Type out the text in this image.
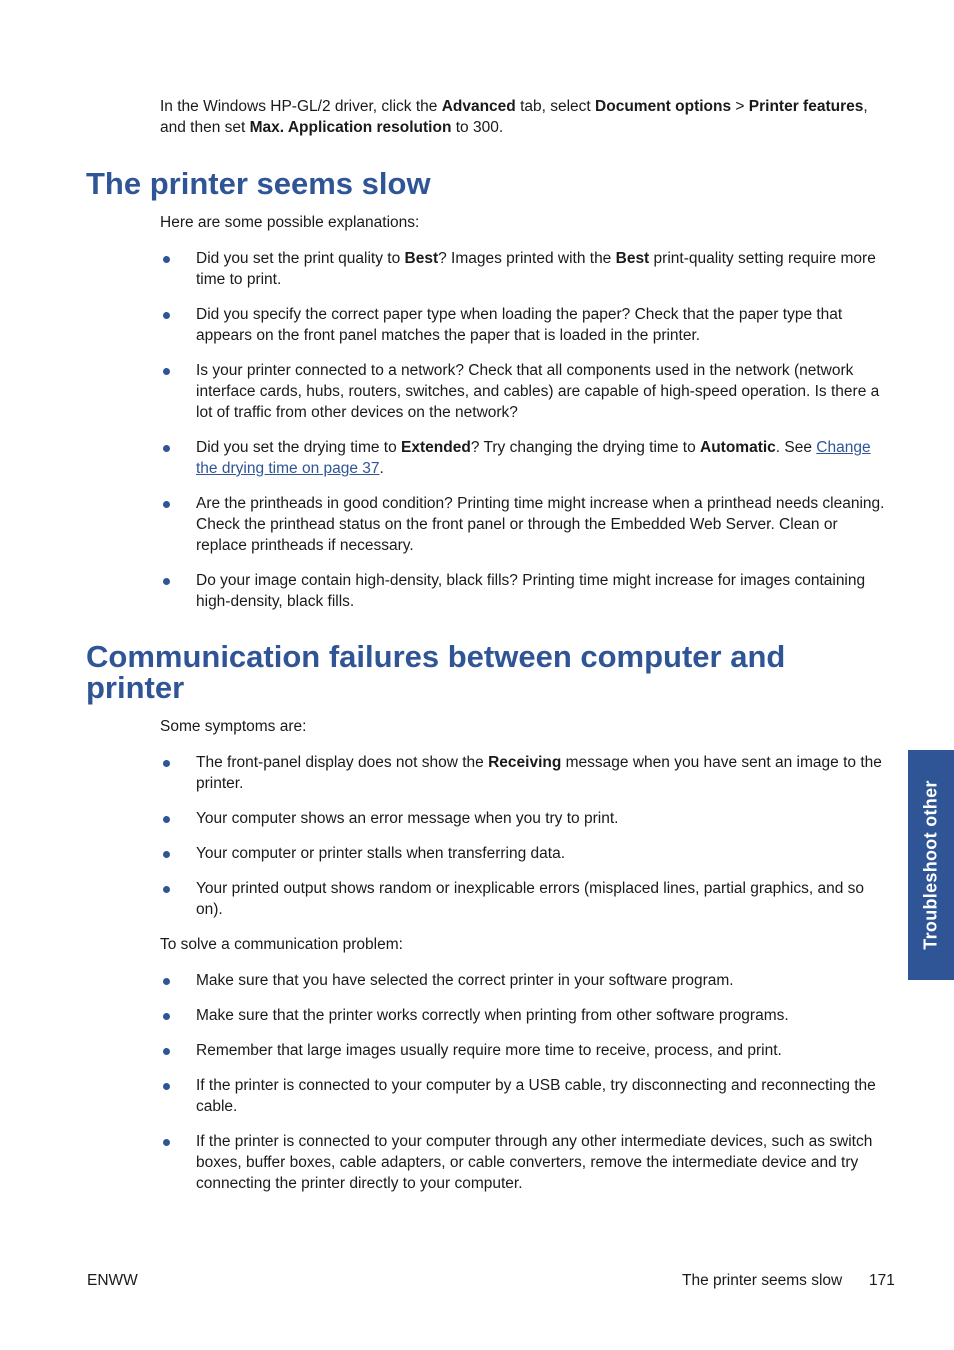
In the Windows HP-GL/2 driver, click the Advanced tab, select Document options > Printer features, and then set Max. Application resolution to 300.

The printer seems slow

Here are some possible explanations:

Did you set the print quality to Best? Images printed with the Best print-quality setting require more time to print.
Did you specify the correct paper type when loading the paper? Check that the paper type that appears on the front panel matches the paper that is loaded in the printer.
Is your printer connected to a network? Check that all components used in the network (network interface cards, hubs, routers, switches, and cables) are capable of high-speed operation. Is there a lot of traffic from other devices on the network?
Did you set the drying time to Extended? Try changing the drying time to Automatic. See Change the drying time on page 37.
Are the printheads in good condition? Printing time might increase when a printhead needs cleaning. Check the printhead status on the front panel or through the Embedded Web Server. Clean or replace printheads if necessary.
Do your image contain high-density, black fills? Printing time might increase for images containing high-density, black fills.
Communication failures between computer and printer

Some symptoms are:

The front-panel display does not show the Receiving message when you have sent an image to the printer.
Your computer shows an error message when you try to print.
Your computer or printer stalls when transferring data.
Your printed output shows random or inexplicable errors (misplaced lines, partial graphics, and so on).

To solve a communication problem:

Make sure that you have selected the correct printer in your software program.
Make sure that the printer works correctly when printing from other software programs.
Remember that large images usually require more time to receive, process, and print.
If the printer is connected to your computer by a USB cable, try disconnecting and reconnecting the cable.
If the printer is connected to your computer through any other intermediate devices, such as switch boxes, buffer boxes, cable adapters, or cable converters, remove the intermediate device and try connecting the printer directly to your computer.
Troubleshoot other
ENWW	The printer seems slow 171
